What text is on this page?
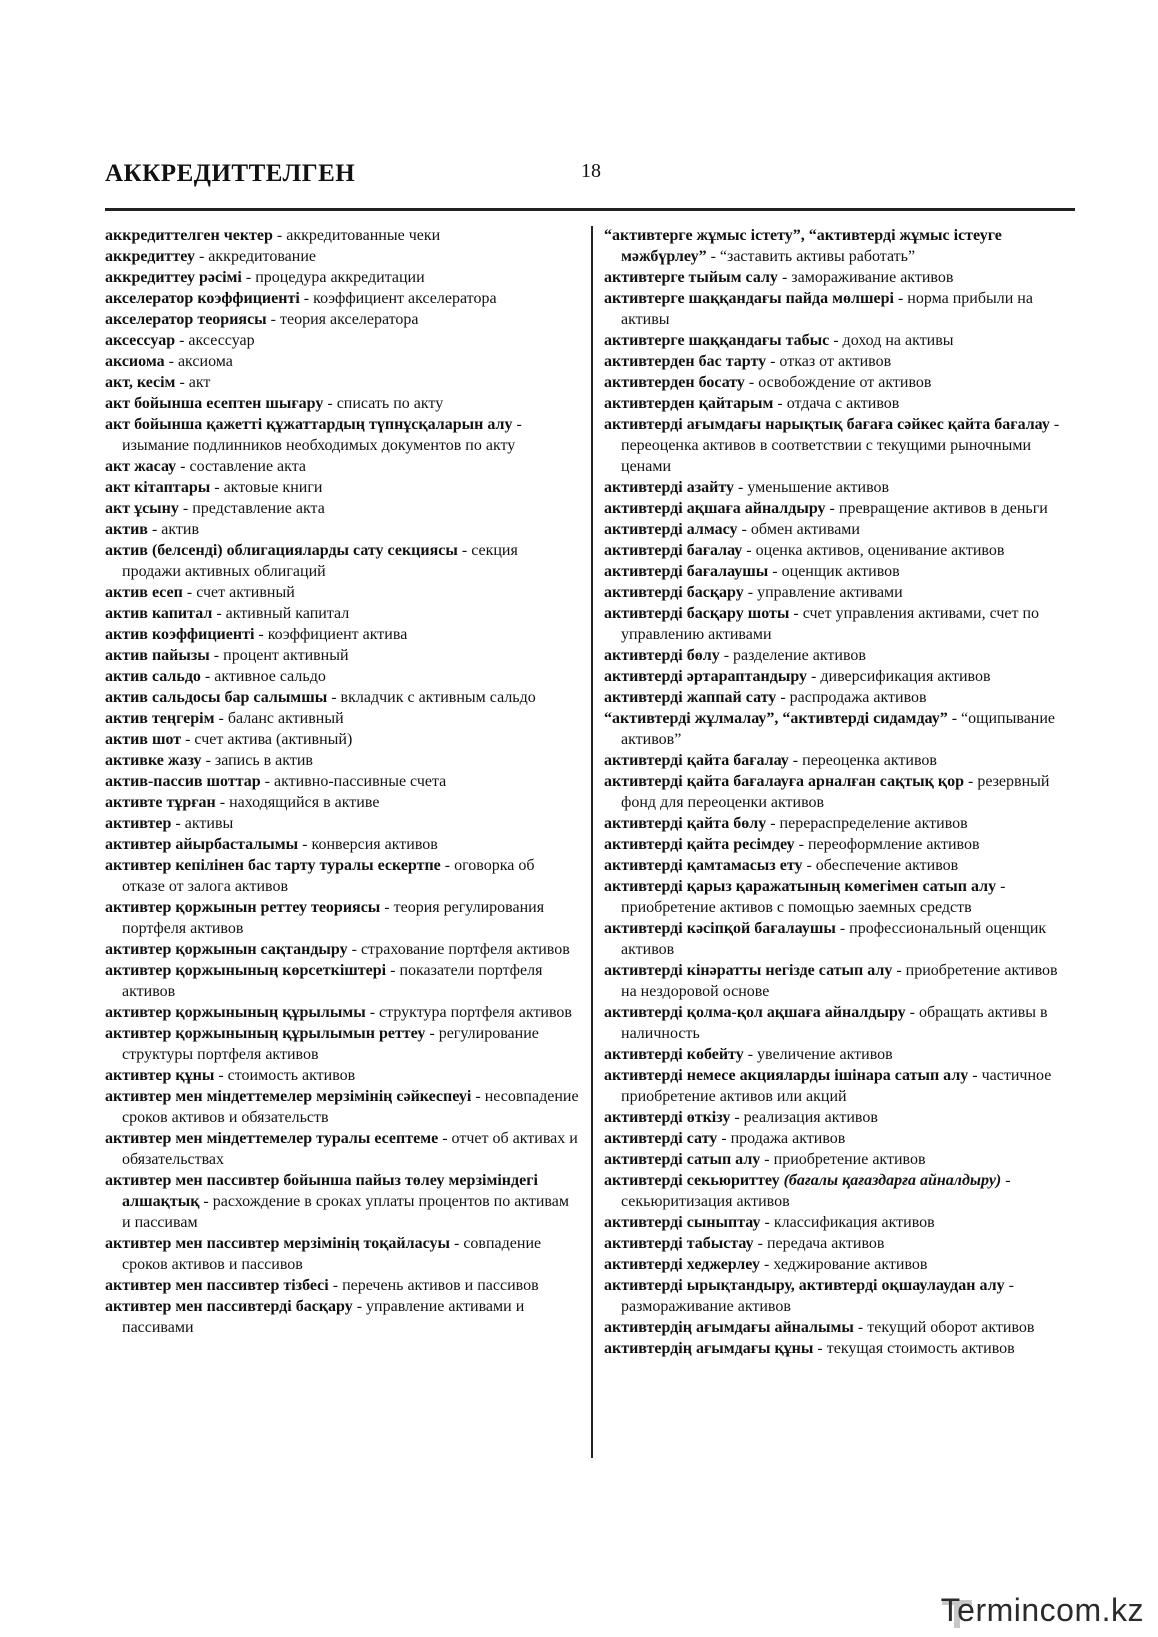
АККРЕДИТТЕЛГЕН	18

аккредиттелген чектер - аккредитованные чеки

аккредиттеу - аккредитование

аккредиттеу рәсімі - процедура аккредитации

акселератор коэффициенті - коэффициент акселератора

акселератор теориясы - теория акселератора

аксессуар - аксессуар

аксиома - аксиома

акт, кесім - акт

акт бойынша есептен шығару - списать по акту

акт бойынша қажетті құжаттардың түпнұсқаларын алу - изымание подлинников необходимых документов по акту

акт жасау - составление акта

акт кітаптары - актовые книги

акт ұсыну - представление акта

актив - актив

актив (белсенді) облигацияларды сату секциясы - секция продажи активных облигаций

актив есеп - счет активный

актив капитал - активный капитал

актив коэффициенті - коэффициент актива

актив пайызы - процент активный

актив сальдо - активное сальдо

актив сальдосы бар салымшы - вкладчик с активным сальдо

актив теңгерім - баланс активный

актив шот - счет актива (активный)

активке жазу - запись в актив

актив-пассив шоттар - активно-пассивные счета

активте тұрған - находящийся в активе

активтер - активы

активтер айырбасталымы - конверсия активов

активтер кепілінен бас тарту туралы ескертпе - оговорка об отказе от залога активов

активтер қоржынын реттеу теориясы - теория регулирования портфеля активов

активтер қоржынын сақтандыру - страхование портфеля активов

активтер қоржынының көрсеткіштері - показатели портфеля активов

активтер қоржынының құрылымы - структура портфеля активов

активтер қоржынының құрылымын реттеу - регулирование структуры портфеля активов

активтер құны - стоимость активов

активтер мен міндеттемелер мерзімінің сәйкеспеуі - несовпадение сроков активов и обязательств

активтер мен міндеттемелер туралы есептеме - отчет об активах и обязательствах

активтер мен пассивтер бойынша пайыз төлеу мерзіміндегі алшақтық - расхождение в сроках уплаты процентов по активам и пассивам

активтер мен пассивтер мерзімінің тоқайласуы - совпадение сроков активов и пассивов

активтер мен пассивтер тізбесі - перечень активов и пассивов

активтер мен пассивтерді басқару - управление активами и пассивами

“активтерге жұмыс істету”, “активтерді жұмыс істеуге мәжбүрлеу” - “заставить активы работать”

активтерге тыйым салу - замораживание активов

активтерге шаққандағы пайда мөлшері - норма прибыли на активы

активтерге шаққандағы табыс - доход на активы

активтерден бас тарту - отказ от активов

активтерден босату - освобождение от активов

активтерден қайтарым - отдача с активов

активтерді ағымдағы нарықтық бағаға сәйкес қайта бағалау - переоценка активов в соответствии с текущими рыночными ценами

активтерді азайту - уменьшение активов

активтерді ақшаға айналдыру - превращение активов в деньги

активтерді алмасу - обмен активами

активтерді бағалау - оценка активов, оценивание активов

активтерді бағалаушы - оценщик активов

активтерді басқару - управление активами

активтерді басқару шоты - счет управления активами, счет по управлению активами

активтерді бөлу - разделение активов

активтерді әртараптандыру - диверсификация активов

активтерді жаппай сату - распродажа активов

“активтерді жұлмалау”, “активтерді сидамдау” - “ощипывание активов”

активтерді қайта бағалау - переоценка активов

активтерді қайта бағалауға арналған сақтық қор - резервный фонд для переоценки активов

активтерді қайта бөлу - перераспределение активов

активтерді қайта ресімдеу - переоформление активов

активтерді қамтамасыз ету - обеспечение активов

активтерді қарыз қаражатының көмегімен сатып алу - приобретение активов с помощью заемных средств

активтерді кәсіпқой бағалаушы - профессиональный оценщик активов

активтерді кінәратты негізде сатып алу - приобретение активов на нездоровой основе

активтерді қолма-қол ақшаға айналдыру - обращать активы в наличность

активтерді көбейту - увеличение активов

активтерді немесе акцияларды ішінара сатып алу - частичное приобретение активов или акций

активтерді өткізу - реализация активов

активтерді сату - продажа активов

активтерді сатып алу - приобретение активов

активтерді секьюриттеу (бағалы қағаздарға айналдыру) - секьюритизация активов

активтерді сыныптау - классификация активов

активтерді табыстау - передача активов

активтерді хеджерлеу - хеджирование активов

активтерді ырықтандыру, активтерді оқшаулаудан алу - размораживание активов

активтердің ағымдағы айналымы - текущий оборот активов

активтердің ағымдағы құны - текущая стоимость активов

Termincom.kz
